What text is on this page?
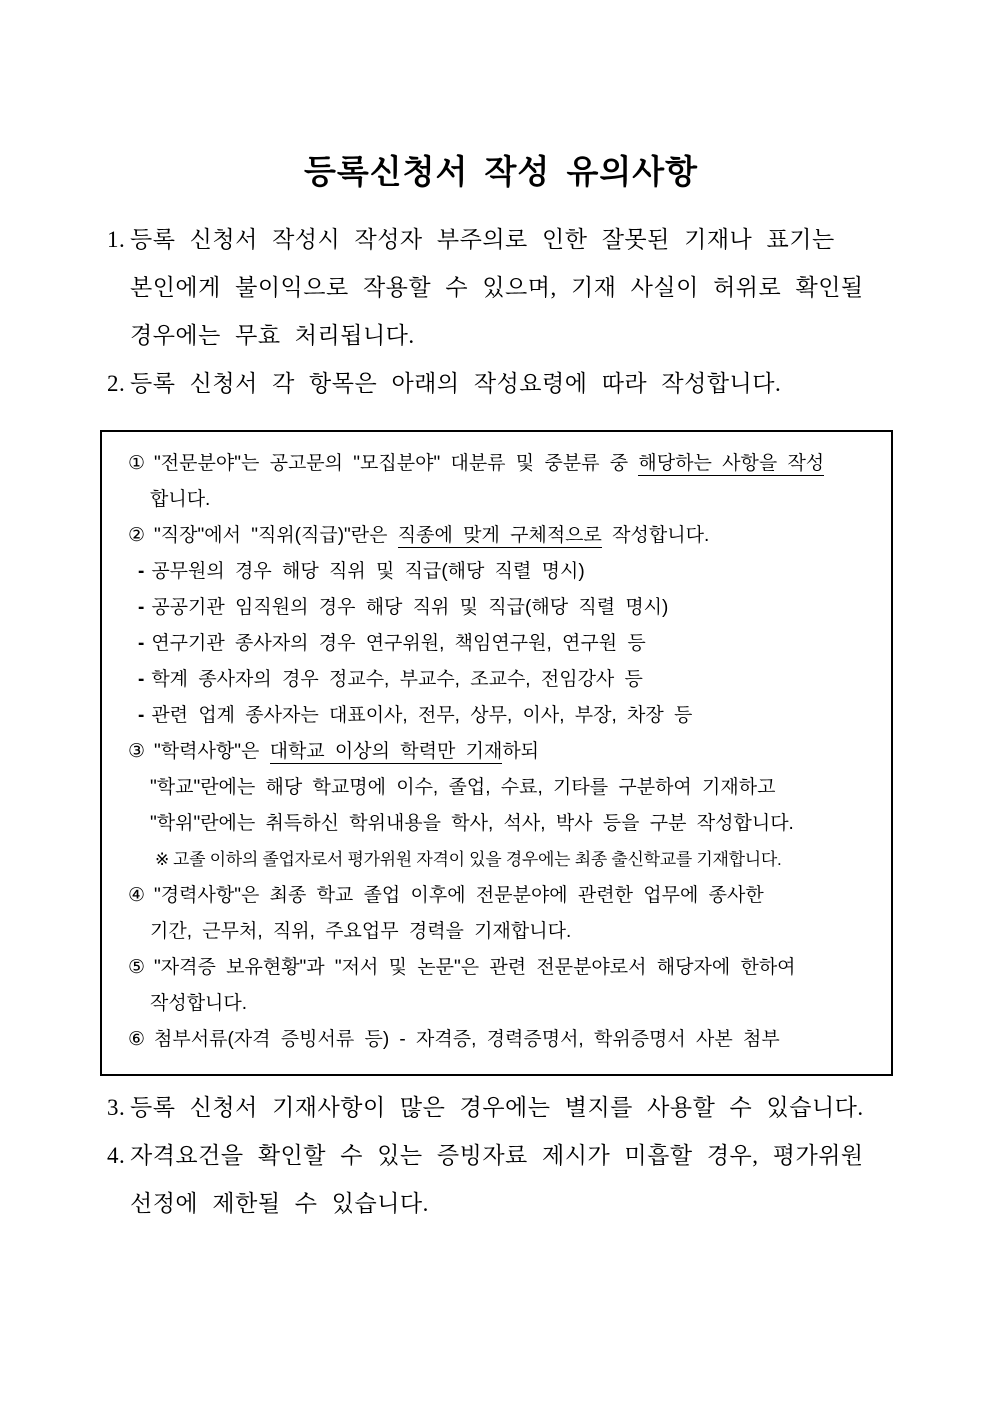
등록신청서 작성 유의사항
1. 등록 신청서 작성시 작성자 부주의로 인한 잘못된 기재나 표기는
본인에게 불이익으로 작용할 수 있으며, 기재 사실이 허위로 확인될
경우에는 무효 처리됩니다.
2. 등록 신청서 각 항목은 아래의 작성요령에 따라 작성합니다.
① "전문분야"는 공고문의 "모집분야" 대분류 및 중분류 중 해당하는 사항을 작성
합니다.
② "직장"에서 "직위(직급)"란은 직종에 맞게 구체적으로 작성합니다.
- 공무원의 경우 해당 직위 및 직급(해당 직렬 명시)
- 공공기관 임직원의 경우 해당 직위 및 직급(해당 직렬 명시)
- 연구기관 종사자의 경우 연구위원, 책임연구원, 연구원 등
- 학계 종사자의 경우 정교수, 부교수, 조교수, 전임강사 등
- 관련 업계 종사자는 대표이사, 전무, 상무, 이사, 부장, 차장 등
③ "학력사항"은 대학교 이상의 학력만 기재하되
"학교"란에는 해당 학교명에 이수, 졸업, 수료, 기타를 구분하여 기재하고
"학위"란에는 취득하신 학위내용을 학사, 석사, 박사 등을 구분 작성합니다.
※ 고졸 이하의 졸업자로서 평가위원 자격이 있을 경우에는 최종 출신학교를 기재합니다.
④ "경력사항"은 최종 학교 졸업 이후에 전문분야에 관련한 업무에 종사한
기간, 근무처, 직위, 주요업무 경력을 기재합니다.
⑤ "자격증 보유현황"과 "저서 및 논문"은 관련 전문분야로서 해당자에 한하여
작성합니다.
⑥ 첨부서류(자격 증빙서류 등) - 자격증, 경력증명서, 학위증명서 사본 첨부
3. 등록 신청서 기재사항이 많은 경우에는 별지를 사용할 수 있습니다.
4. 자격요건을 확인할 수 있는 증빙자료 제시가 미흡할 경우, 평가위원
선정에 제한될 수 있습니다.
